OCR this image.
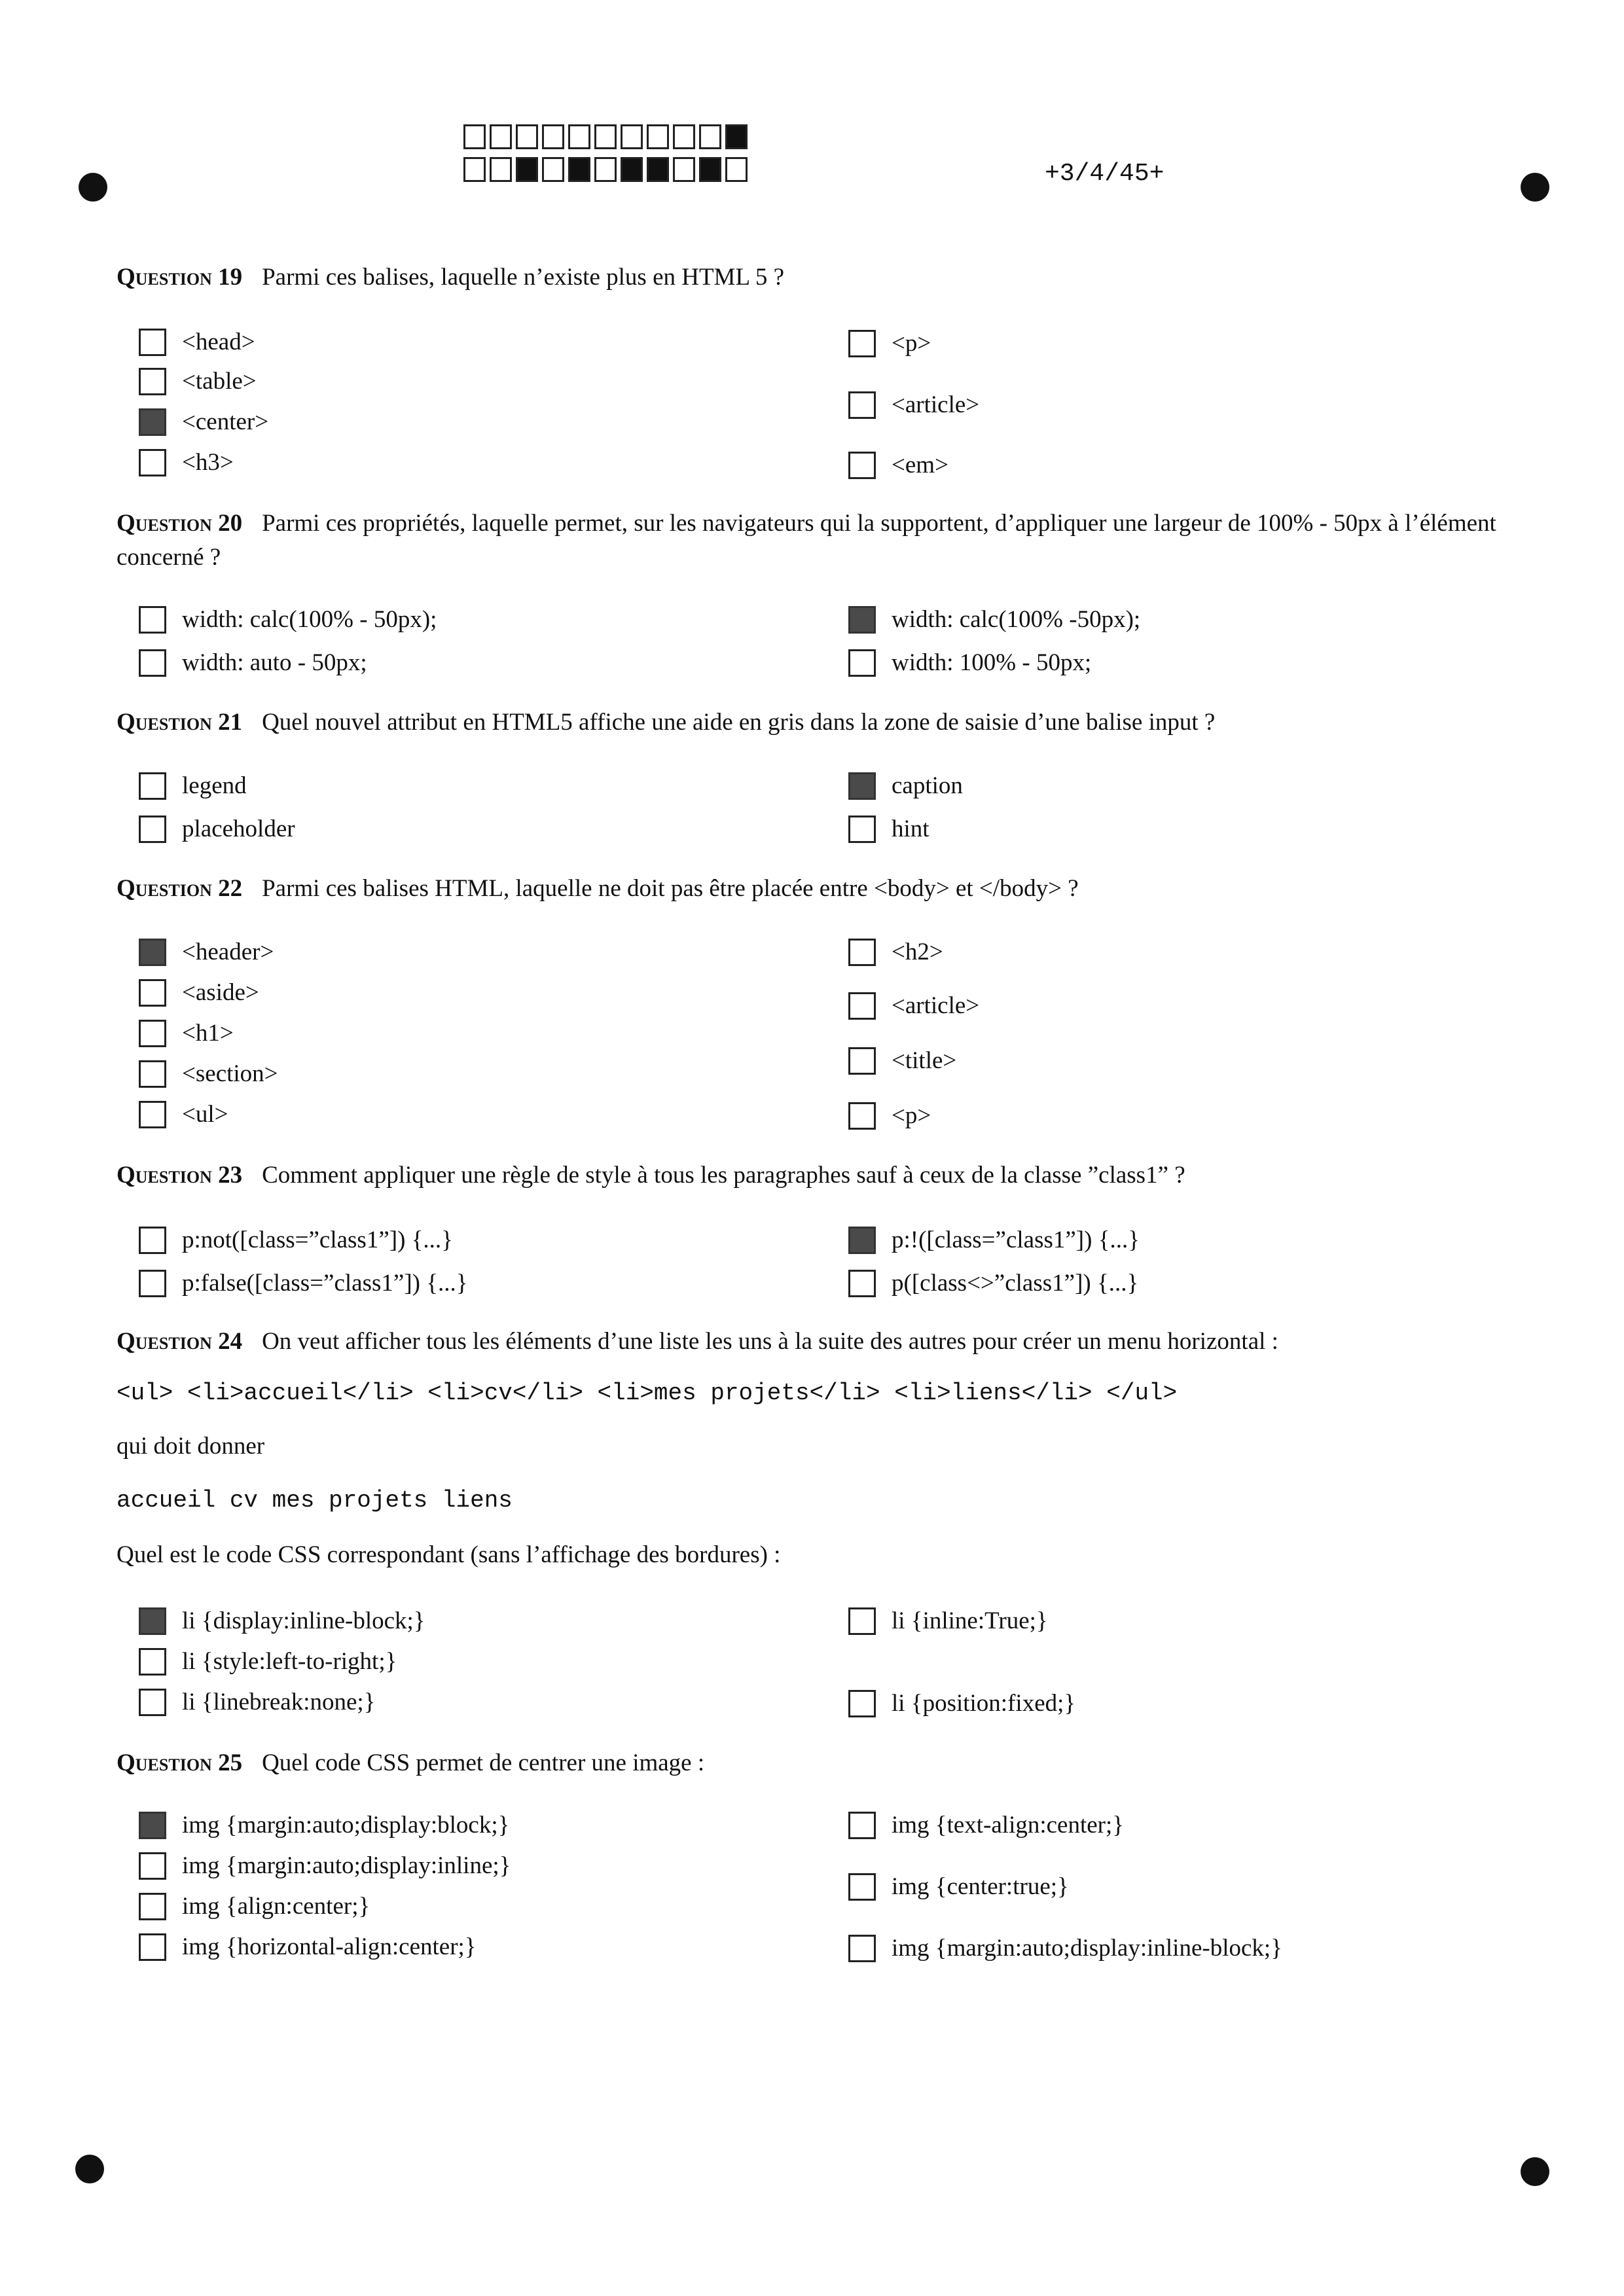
+3/4/45+
Question 19 Parmi ces balises, laquelle n’existe plus en HTML 5 ?
<head>
<table>
<center>
<h3>
<p>
<article>
<em>
Question 20 Parmi ces propriétés, laquelle permet, sur les navigateurs qui la supportent, d’appliquer une largeur de 100% - 50px à l’élément concerné ?
width: calc(100% - 50px);
width: auto - 50px;
width: calc(100% -50px);
width: 100% - 50px;
Question 21 Quel nouvel attribut en HTML5 affiche une aide en gris dans la zone de saisie d’une balise input ?
legend
placeholder
caption
hint
Question 22 Parmi ces balises HTML, laquelle ne doit pas être placée entre <body> et </body> ?
<header>
<aside>
<h1>
<section>
<ul>
<h2>
<article>
<title>
<p>
Question 23 Comment appliquer une règle de style à tous les paragraphes sauf à ceux de la classe ”class1” ?
p:not([class=”class1”]) {...}
p:false([class=”class1”]) {...}
p:!([class=”class1”]) {...}
p([class<>”class1”]) {...}
Question 24 On veut afficher tous les éléments d’une liste les uns à la suite des autres pour créer un menu horizontal :
<ul> <li>accueil</li> <li>cv</li> <li>mes projets</li> <li>liens</li> </ul>
qui doit donner
accueil cv mes projets liens
Quel est le code CSS correspondant (sans l’affichage des bordures) :
li {display:inline-block;}
li {style:left-to-right;}
li {linebreak:none;}
li {inline:True;}
li {position:fixed;}
Question 25 Quel code CSS permet de centrer une image :
img {margin:auto;display:block;}
img {margin:auto;display:inline;}
img {align:center;}
img {horizontal-align:center;}
img {text-align:center;}
img {center:true;}
img {margin:auto;display:inline-block;}
